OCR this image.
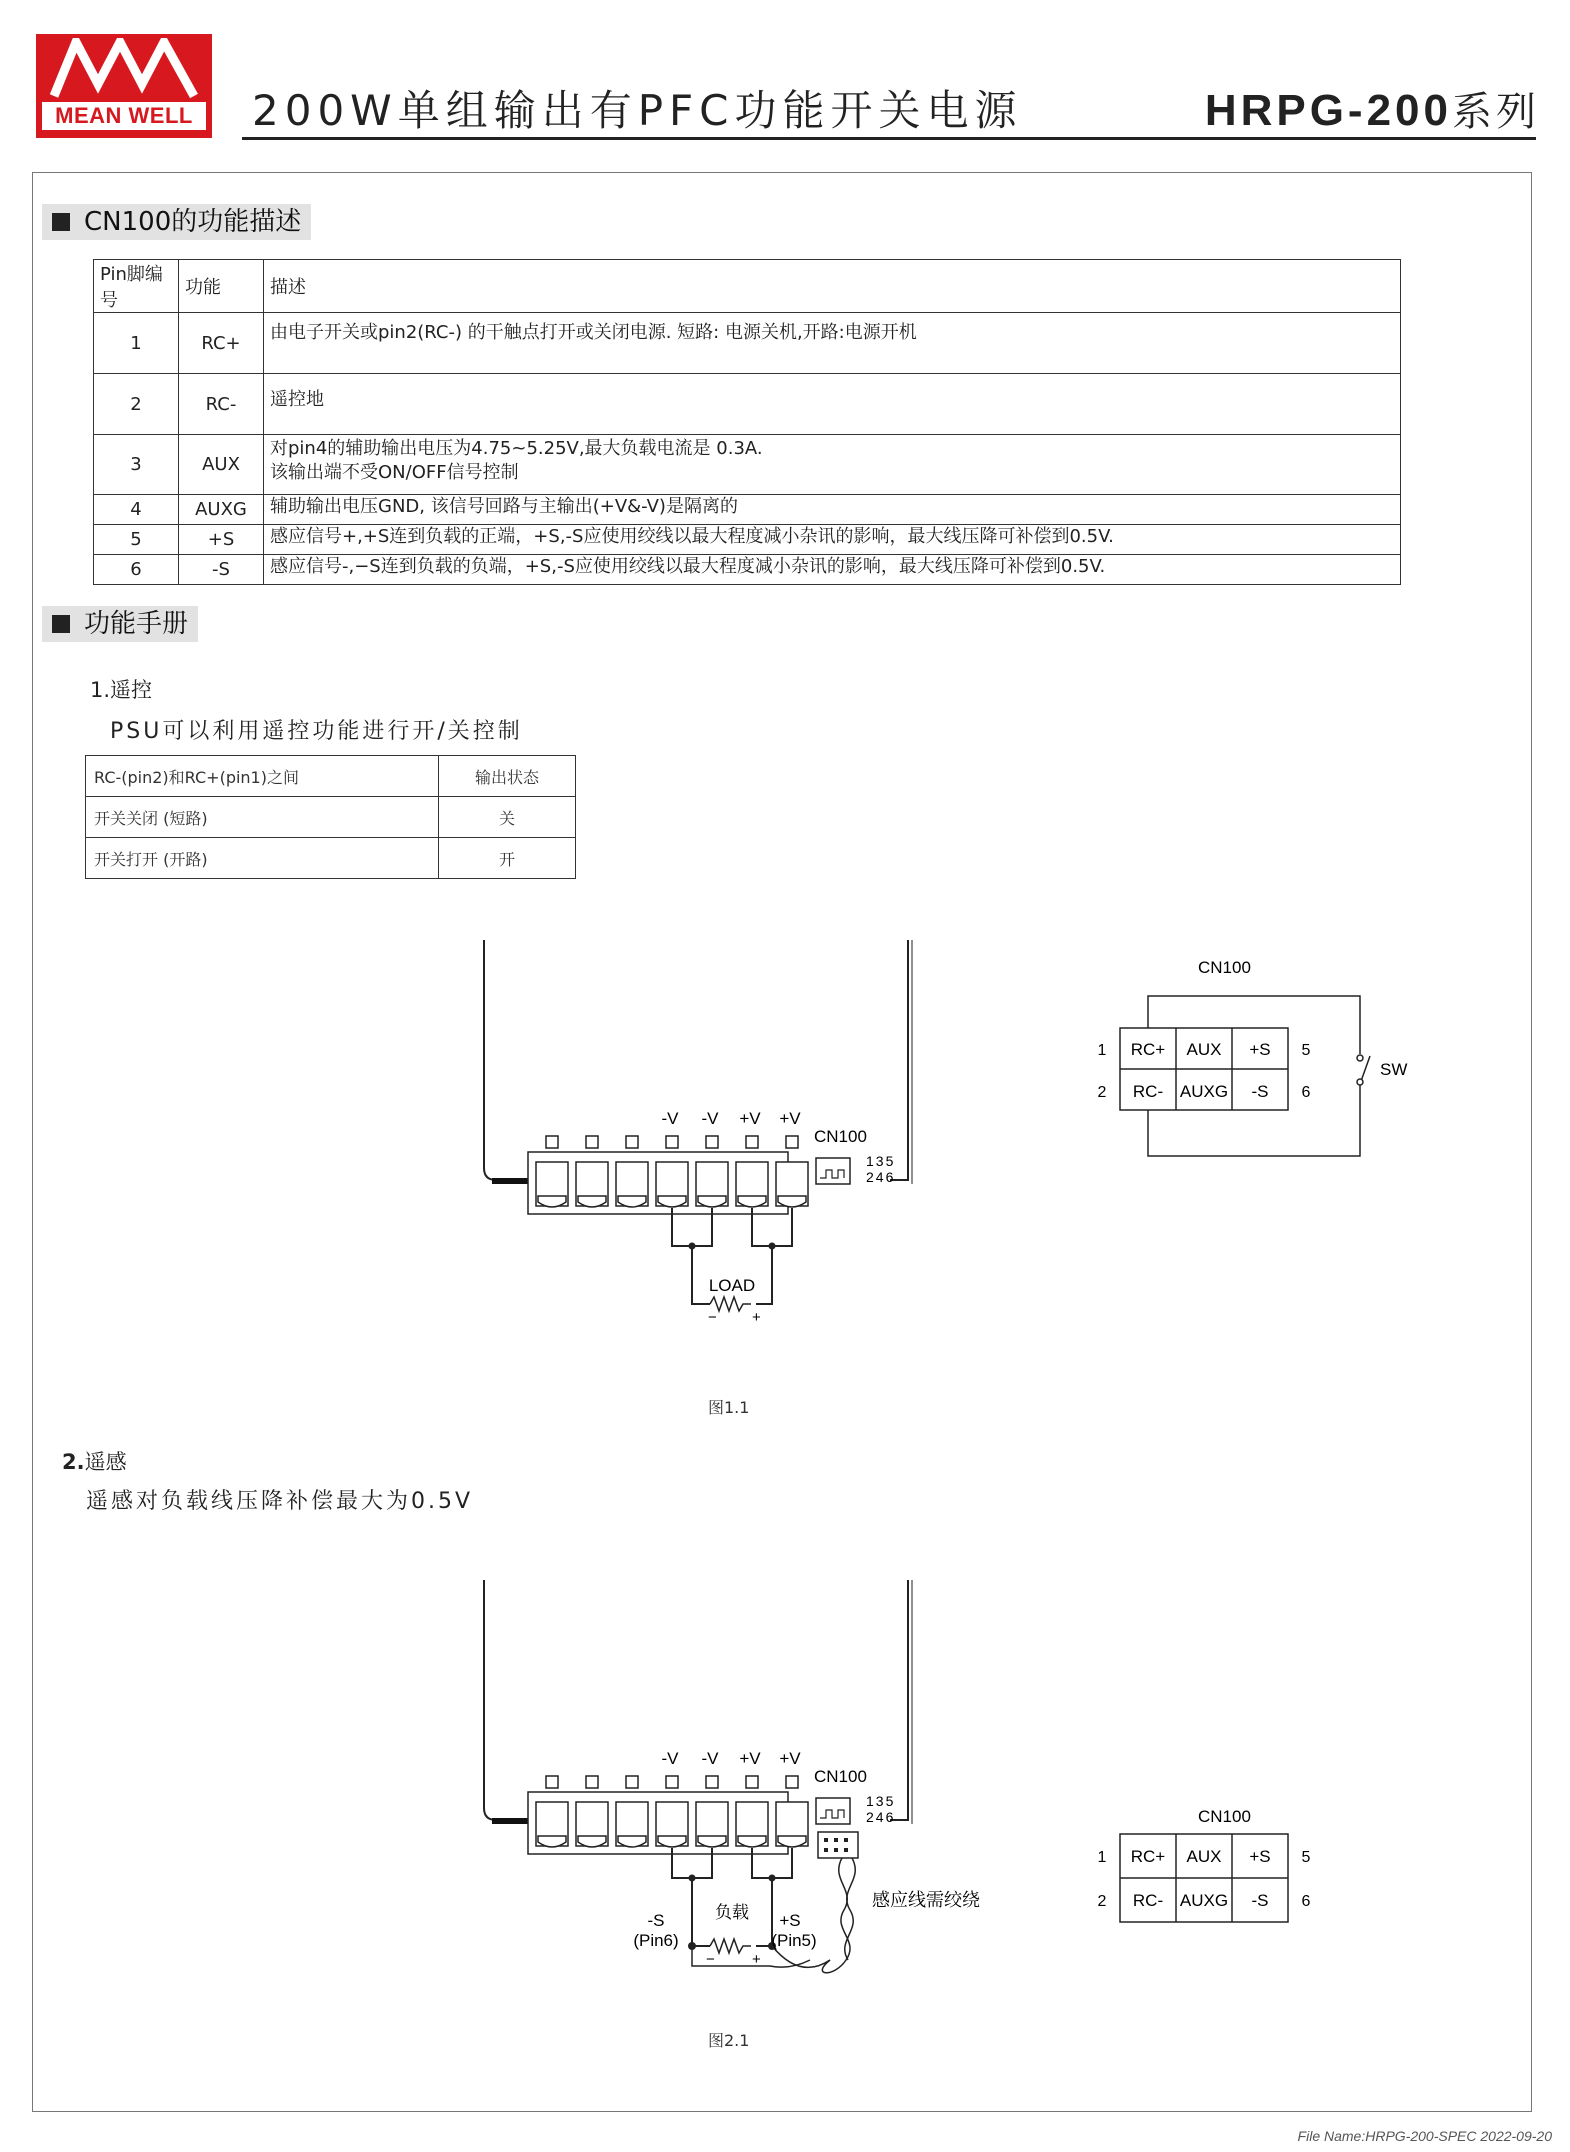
MEAN WELL	200W单组输出有PFC功能开关电源	HRPG-200系列
CN100的功能描述
Pin脚编号	功能	描述
1	RC+	由电子开关或pin2(RC-) 的干触点打开或关闭电源. 短路: 电源关机,开路:电源开机
2	RC-	遥控地
3	AUX	对pin4的辅助输出电压为4.75~5.25V,最大负载电流是 0.3A.
该输出端不受ON/OFF信号控制

4	AUXG	辅助输出电压GND, 该信号回路与主输出(+V&-V)是隔离的
5	+S	感应信号+,+S连到负载的正端，+S,-S应使用绞线以最大程度减小杂讯的影响，最大线压降可补偿到0.5V.
6	-S	感应信号-,−S连到负载的负端，+S,-S应使用绞线以最大程度减小杂讯的影响，最大线压降可补偿到0.5V.
功能手册
1.遥控
PSU可以利用遥控功能进行开/关控制
RC-(pin2)和RC+(pin1)之间	输出状态
开关关闭 (短路)	关
开关打开 (开路)	开
-V -V +V +V
CN100
135
246
LOAD
− +
CN100
SW
RC+ AUX +S
RC- AUXG -S
1
2
5
6
图1.1
2.遥感
遥感对负载线压降补偿最大为0.5V
-V -V +V +V
CN100
135
246
负载
− +
-S
(Pin6)
+S
(Pin5)
感应线需绞绕
CN100
RC+ AUX +S
RC- AUXG -S
1
2
5
6
图2.1
File Name:HRPG-200-SPEC 2022-09-20
